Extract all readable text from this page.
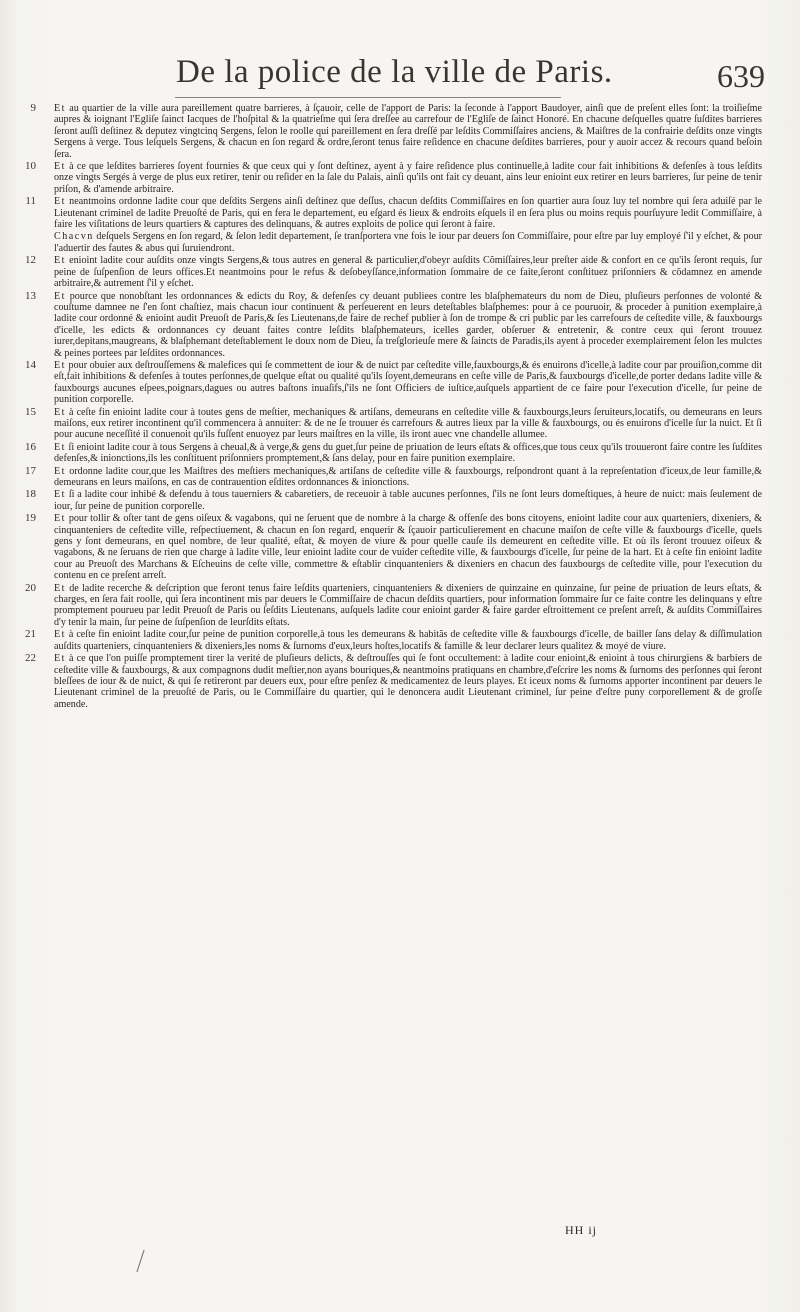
De la police de la ville de Paris.	639
9 Et au quartier de la ville aura pareillement quatre barrieres, à ſçauoir, celle de l'apport de Paris: la ſeconde à l'apport Baudoyer, ainſi que de preſent elles ſont: la troiſieſme aupres & ioignant l'Egliſe ſainct Iacques de l'hoſpital & la quatrieſme qui ſera dreſſee au carrefour de l'Egliſe de ſainct Honoré. En chacune deſquelles quatre ſuſdites barrieres ſeront auſſi deſtinez & deputez vingtcinq Sergens, ſelon le roolle qui pareillement en ſera dreſſé par leſdits Commiſſaires anciens, & Maiſtres de la confrairie deſdits onze vingts Sergens à verge. Tous leſquels Sergens, & chacun en ſon regard & ordre,ſeront tenus faire reſidence en chacune deſdites barrieres, pour y auoir accez & recours quand beſoin ſera.
10 Et à ce que leſdites barrieres ſoyent fournies & que ceux qui y ſont deſtinez, ayent à y faire reſidence plus continuelle,à ladite cour fait inhibitions & defenſes à tous leſdits onze vingts Sergés à verge de plus eux retirer, tenir ou reſider en la ſale du Palais, ainſi qu'ils ont fait cy deuant, ains leur enioint eux retirer en leurs barrieres, ſur peine de tenir priſon, & d'amende arbitraire.
11 Et neantmoins ordonne ladite cour que deſdits Sergens ainſi deſtinez que deſſus, chacun deſdits Commiſſaires en ſon quartier aura ſouz luy tel nombre qui ſera aduiſé par le Lieutenant criminel de ladite Preuoſté de Paris, qui en fera le departement, eu eſgard és lieux & endroits eſquels il en ſera plus ou moins requis pourſuyure ledit Commiſſaire, à faire les viſitations de leurs quartiers & captures des delinquans, & autres exploits de police qui ſeront à faire.
Chacvn deſquels Sergens en ſon regard, & ſelon ledit departement, ſe tranſportera vne fois le iour par deuers ſon Commiſſaire, pour eſtre par luy employé ſ'il y eſchet, & pour l'aduertir des fautes & abus qui ſuruiendront.
12 Et enioint ladite cour auſdits onze vingts Sergens,& tous autres en general & particulier,d'obeyr auſdits Cõmiſſaires,leur preſter aide & confort en ce qu'ils ſeront requis, ſur peine de ſuſpenſion de leurs offices.Et neantmoins pour le refus & deſobeyſſance,information ſommaire de ce faite,ſeront conſtituez priſonniers & cõdamnez en amende arbitraire,& autrement ſ'il y eſchet.
13 Et pource que nonobſtant les ordonnances & edicts du Roy, & defenſes cy deuant publiees contre les blaſphemateurs du nom de Dieu, pluſieurs perſonnes de volonté & couſtume damnee ne ſ'en ſont chaſtiez, mais chacun iour continuent & perſeuerent en leurs deteſtables blaſphemes: pour à ce pouruoir, & proceder à punition exemplaire,à ladite cour ordonné & enioint audit Preuoſt de Paris,& ſes Lieutenans,de faire de rechef publier à ſon de trompe & cri public par les carrefours de ceſtedite ville, & fauxbourgs d'icelle, les edicts & ordonnances cy deuant faites contre leſdits blaſphemateurs, icelles garder, obſeruer & entretenir, & contre ceux qui ſeront trouuez iurer,depitans,maugreans, & blaſphemant deteſtablement le doux nom de Dieu, ſa treſglorieuſe mere & ſaincts de Paradis,ils ayent à proceder exemplairement ſelon les mulctes & peines portees par leſdites ordonnances.
14 Et pour obuier aux deſtrouſſemens & malefices qui ſe commettent de iour & de nuict par ceſtedite ville,fauxbourgs,& és enuirons d'icelle,à ladite cour par prouiſion,comme dit eſt,fait inhibitions & defenſes à toutes perſonnes,de quelque eſtat ou qualité qu'ils ſoyent,demeurans en ceſte ville de Paris,& fauxbourgs d'icelle,de porter dedans ladite ville & fauxbourgs aucunes eſpees,poignars,dagues ou autres baſtons inuaſifs,ſ'ils ne ſont Officiers de iuſtice,auſquels appartient de ce faire pour l'execution d'icelle, ſur peine de punition corporelle.
15 Et à ceſte fin enioint ladite cour à toutes gens de meſtier, mechaniques & artiſans, demeurans en ceſtedite ville & fauxbourgs,leurs ſeruiteurs,locatifs, ou demeurans en leurs maiſons, eux retirer incontinent qu'il commencera à annuiter: & de ne ſe trouuer és carrefours & autres lieux par la ville & fauxbourgs, ou és enuirons d'icelle ſur la nuict. Et ſi pour aucune neceſſité il conuenoit qu'ils fuſſent enuoyez par leurs maiſtres en la ville, ils iront auec vne chandelle allumee.
16 Et ſi enioint ladite cour à tous Sergens à cheual,& à verge,& gens du guet,ſur peine de priuation de leurs eſtats & offices,que tous ceux qu'ils trouueront faire contre les ſuſdites defenſes,& inionctions,ils les conſtituent priſonniers promptement,& ſans delay, pour en faire punition exemplaire.
17 Et ordonne ladite cour,que les Maiſtres des meſtiers mechaniques,& artiſans de ceſtedite ville & fauxbourgs, reſpondront quant à la repreſentation d'iceux,de leur famille,& demeurans en leurs maiſons, en cas de contrauention eſdites ordonnances & inionctions.
18 Et ſi a ladite cour inhibé & defendu à tous tauerniers & cabaretiers, de receuoir à table aucunes perſonnes, ſ'ils ne ſont leurs domeſtiques, à heure de nuict: mais ſeulement de iour, ſur peine de punition corporelle.
19 Et pour tollir & oſter tant de gens oiſeux & vagabons, qui ne ſeruent que de nombre à la charge & offenſe des bons citoyens, enioint ladite cour aux quarteniers, dixeniers, & cinquanteniers de ceſtedite ville, reſpectiuement, & chacun en ſon regard, enquerir & ſçauoir particulierement en chacune maiſon de ceſte ville & fauxbourgs d'icelle, quels gens y ſont demeurans, en quel nombre, de leur qualité, eſtat, & moyen de viure & pour quelle cauſe ils demeurent en ceſtedite ville. Et où ils ſeront trouuez oiſeux & vagabons, & ne ſeruans de rien que charge à ladite ville, leur enioint ladite cour de vuider ceſtedite ville, & fauxbourgs d'icelle, ſur peine de la hart. Et à ceſte fin enioint ladite cour au Preuoſt des Marchans & Eſcheuins de ceſte ville, commettre & eſtablir cinquanteniers & dixeniers en chacun des fauxbourgs de ceſtedite ville, pour l'execution du contenu en ce preſent arreſt.
20 Et de ladite recerche & deſcription que feront tenus faire leſdits quarteniers, cinquanteniers & dixeniers de quinzaine en quinzaine, ſur peine de priuation de leurs eſtats, & charges, en ſera fait roolle, qui ſera incontinent mis par deuers le Commiſſaire de chacun deſdits quartiers, pour information ſommaire ſur ce faite contre les delinquans y eſtre promptement pourueu par ledit Preuoſt de Paris ou ſeſdits Lieutenans, auſquels ladite cour enioint garder & faire garder eſtroittement ce preſent arreſt, & auſdits Commiſſaires d'y tenir la main, ſur peine de ſuſpenſion de leurſdits eſtats.
21 Et à ceſte fin enioint ladite cour,ſur peine de punition corporelle,à tous les demeurans & habitãs de ceſtedite ville & fauxbourgs d'icelle, de bailler ſans delay & diſſimulation auſdits quarteniers, cinquanteniers & dixeniers,les noms & ſurnoms d'eux,leurs hoſtes,locatifs & famille & leur declarer leurs qualitez & moyé de viure.
22 Et à ce que l'on puiſſe promptement tirer la verité de pluſieurs delicts, & deſtrouſſes qui ſe font occultement: à ladite cour enioint,& enioint à tous chirurgiens & barbiers de ceſtedite ville & fauxbourgs, & aux compagnons dudit meſtier,non ayans bouriques,& neantmoins pratiquans en chambre,d'eſcrire les noms & ſurnoms des perſonnes qui ſeront bleſſees de iour & de nuict, & qui ſe retireront par deuers eux, pour eſtre penſez & medicamentez de leurs playes. Et iceux noms & ſurnoms apporter incontinent par deuers le Lieutenant criminel de la preuoſté de Paris, ou le Commiſſaire du quartier, qui le denoncera audit Lieutenant criminel, ſur peine d'eſtre puny corporellement & de groſſe amende.
HH ij
